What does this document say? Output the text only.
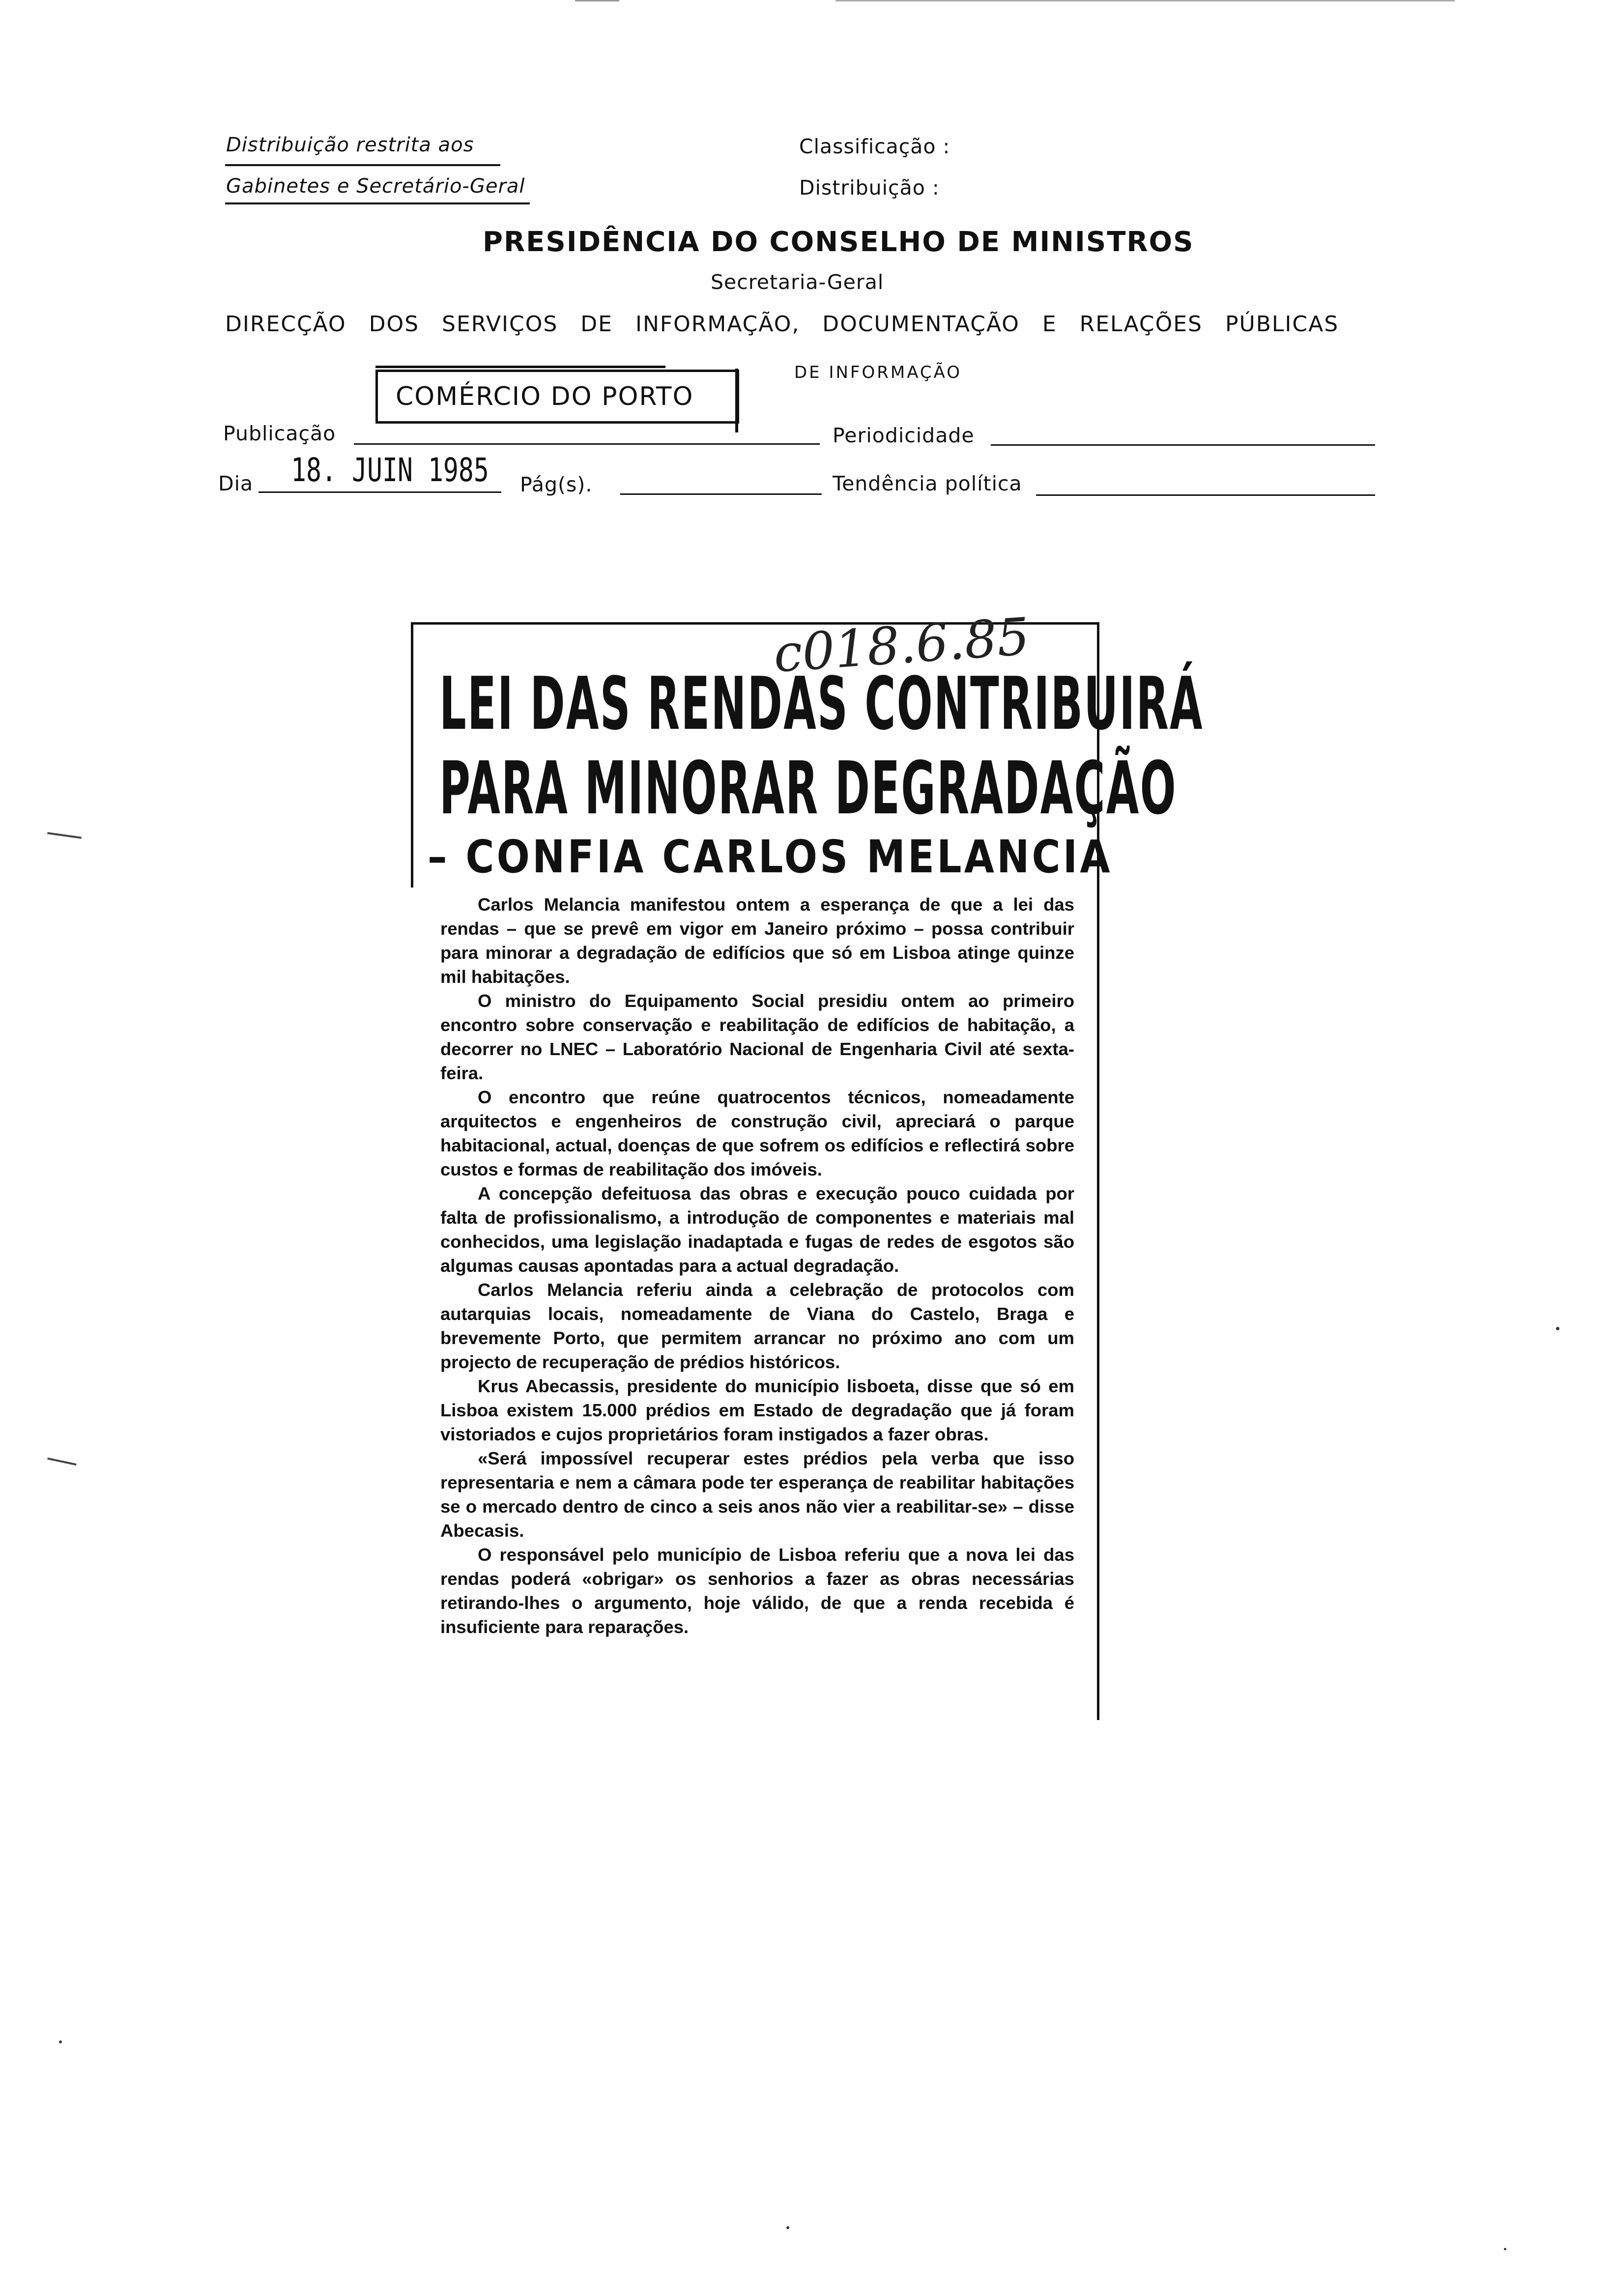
Distribuição restrita aos
Gabinetes e Secretário-Geral
Classificação :
Distribuição :
PRESIDÊNCIA DO CONSELHO DE MINISTROS
Secretaria-Geral
DIRECÇÃO DOS SERVIÇOS DE INFORMAÇÃO, DOCUMENTAÇÃO E RELAÇÕES PÚBLICAS
DE INFORMAÇÃO
COMÉRCIO DO PORTO
Publicação	Periodicidade
Dia 18. JUIN 1985 Pág(s).	Tendência política
c018.6.85
LEI DAS RENDAS CONTRIBUIRÁ
PARA MINORAR DEGRADAÇÃO
– CONFIA CARLOS MELANCIA

Carlos Melancia manifestou ontem a esperança de que a lei das rendas – que se prevê em vigor em Janeiro próximo – possa contribuir para minorar a degradação de edifícios que só em Lisboa atinge quinze mil habitações.

O ministro do Equipamento Social presidiu ontem ao primeiro encontro sobre conservação e reabilitação de edifícios de habitação, a decorrer no LNEC – Laboratório Nacional de Engenharia Civil até sexta-feira.

O encontro que reúne quatrocentos técnicos, nomeadamente arquitectos e engenheiros de construção civil, apreciará o parque habitacional, actual, doenças de que sofrem os edifícios e reflectirá sobre custos e formas de reabilitação dos imóveis.

A concepção defeituosa das obras e execução pouco cuidada por falta de profissionalismo, a introdução de componentes e materiais mal conhecidos, uma legislação inadaptada e fugas de redes de esgotos são algumas causas apontadas para a actual degradação.

Carlos Melancia referiu ainda a celebração de protocolos com autarquias locais, nomeadamente de Viana do Castelo, Braga e brevemente Porto, que permitem arrancar no próximo ano com um projecto de recuperação de prédios históricos.

Krus Abecassis, presidente do município lisboeta, disse que só em Lisboa existem 15.000 prédios em Estado de degradação que já foram vistoriados e cujos proprietários foram instigados a fazer obras.

«Será impossível recuperar estes prédios pela verba que isso representaria e nem a câmara pode ter esperança de reabilitar habitações se o mercado dentro de cinco a seis anos não vier a reabilitar-se» – disse Abecasis.

O responsável pelo município de Lisboa referiu que a nova lei das rendas poderá «obrigar» os senhorios a fazer as obras necessárias retirando-lhes o argumento, hoje válido, de que a renda recebida é insuficiente para reparações.
